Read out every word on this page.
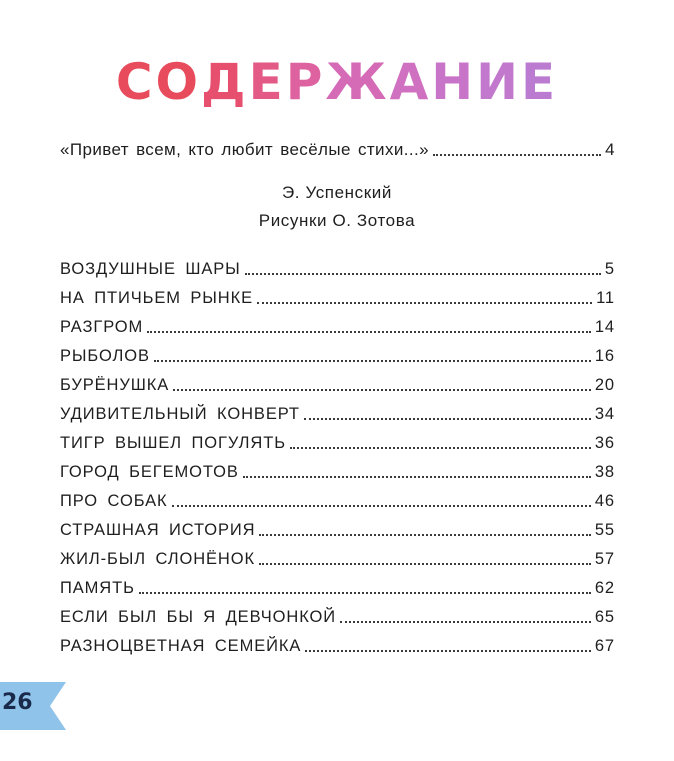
СОДЕРЖАНИЕ
«Привет всем, кто любит весёлые стихи...»	4
Э. Успенский
Рисунки О. Зотова
ВОЗДУШНЫЕ ШАРЫ	5
НА ПТИЧЬЕМ РЫНКЕ	11
РАЗГРОМ	14
РЫБОЛОВ	16
БУРЁНУШКА	20
УДИВИТЕЛЬНЫЙ КОНВЕРТ	34
ТИГР ВЫШЕЛ ПОГУЛЯТЬ	36
ГОРОД БЕГЕМОТОВ	38
ПРО СОБАК	46
СТРАШНАЯ ИСТОРИЯ	55
ЖИЛ-БЫЛ СЛОНЁНОК	57
ПАМЯТЬ	62
ЕСЛИ БЫЛ БЫ Я ДЕВЧОНКОЙ	65
РАЗНОЦВЕТНАЯ СЕМЕЙКА	67
26
